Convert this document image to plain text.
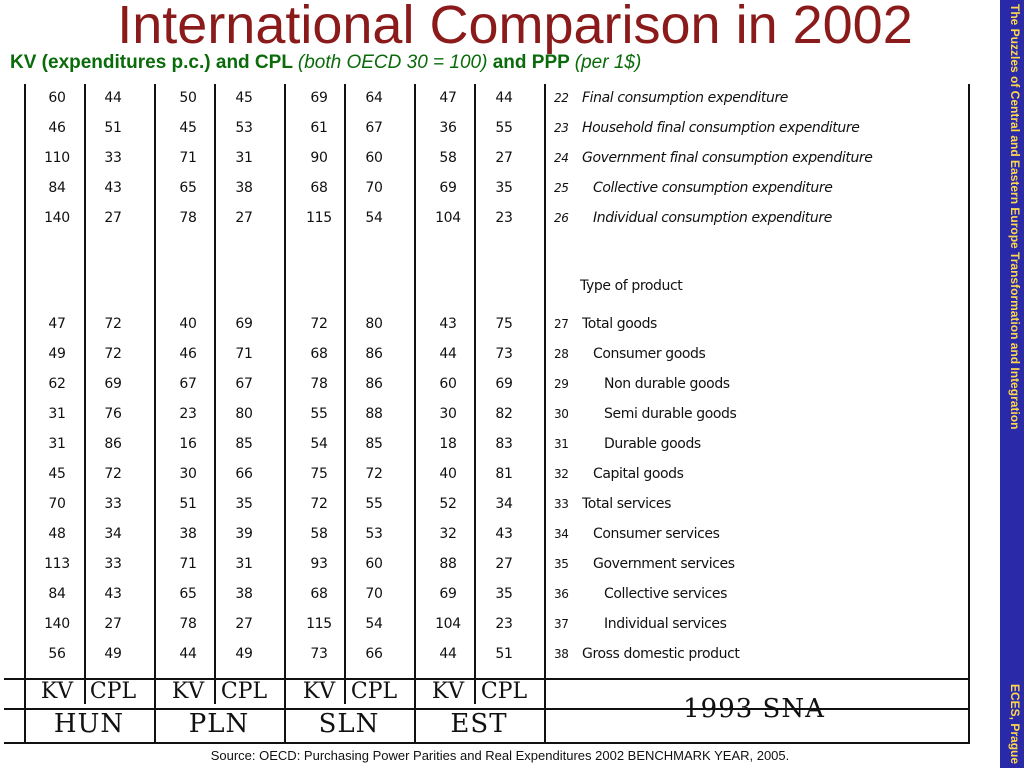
International Comparison in 2002
KV (expenditures p.c.) and CPL (both OECD 30 = 100) and PPP (per 1$)	The Puzzles of Central and Eastern Europe Transformation and Integration
ECES, Prague
60	44	50	45	69	64	47	44	22 Final consumption expenditure
46	51	45	53	61	67	36	55	23 Household final consumption expenditure
110	33	71	31	90	60	58	27	24 Government final consumption expenditure
84	43	65	38	68	70	69	35	25 Collective consumption expenditure
140	27	78	27	115	54	104	23	26 Individual consumption expenditure
Type of product
47	72	40	69	72	80	43	75	27 Total goods
49	72	46	71	68	86	44	73	28 Consumer goods
62	69	67	67	78	86	60	69	29	Non durable goods
31	76	23	80	55	88	30	82	30	Semi durable goods
31	86	16	85	54	85	18	83	31	Durable goods
45	72	30	66	75	72	40	81	32 Capital goods
70	33	51	35	72	55	52	34	33 Total services
48	34	38	39	58	53	32	43	34 Consumer services
113	33	71	31	93	60	88	27	35 Government services
84	43	65	38	68	70	69	35	36	Collective services
140	27	78	27	115	54	104	23	37	Individual services
56	49	44	49	73	66	44	51	38 Gross domestic product
KV CPL	KV CPL	KV CPL	KV CPL
HUN	PLN	SLN	EST	1993 SNA
Source: OECD: Purchasing Power Parities and Real Expenditures 2002 BENCHMARK YEAR, 2005.
